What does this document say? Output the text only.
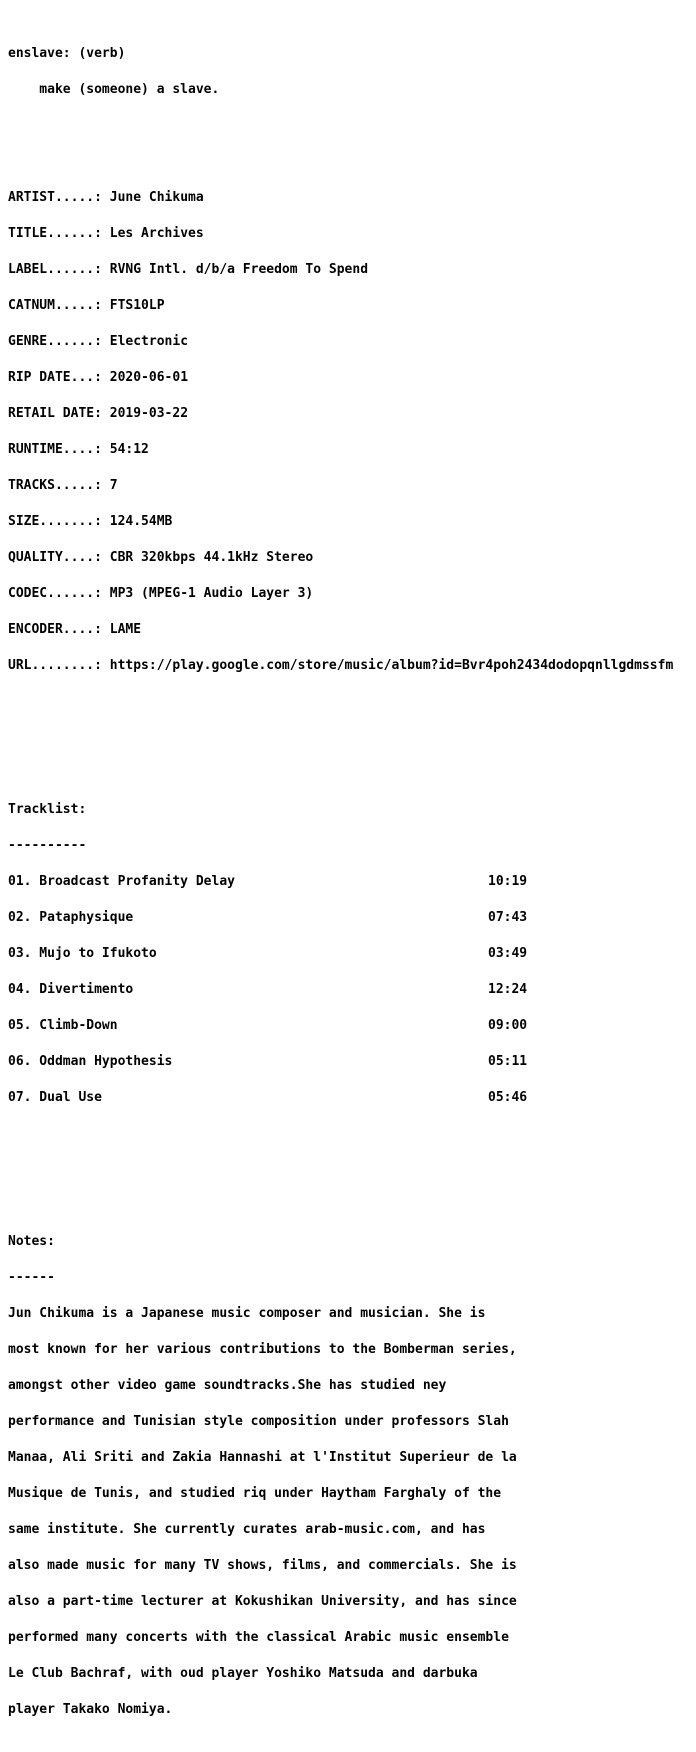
enslave: (verb)

make (someone) a slave.

ARTIST.....: June Chikuma

TITLE......: Les Archives

LABEL......: RVNG Intl. d/b/a Freedom To Spend

CATNUM.....: FTS10LP

GENRE......: Electronic

RIP DATE...: 2020-06-01

RETAIL DATE: 2019-03-22

RUNTIME....: 54:12

TRACKS.....: 7

SIZE.......: 124.54MB

QUALITY....: CBR 320kbps 44.1kHz Stereo

CODEC......: MP3 (MPEG-1 Audio Layer 3)

ENCODER....: LAME

URL........: https://play.google.com/store/music/album?id=Bvr4poh2434dodopqnllgdmssfm

Tracklist:

----------

01. Broadcast Profanity Delay	10:19

02. Pataphysique	07:43

03. Mujo to Ifukoto	03:49

04. Divertimento	12:24

05. Climb-Down	09:00

06. Oddman Hypothesis	05:11

07. Dual Use	05:46

Notes:

------

Jun Chikuma is a Japanese music composer and musician. She is

most known for her various contributions to the Bomberman series,

amongst other video game soundtracks.She has studied ney

performance and Tunisian style composition under professors Slah

Manaa, Ali Sriti and Zakia Hannashi at l'Institut Superieur de la

Musique de Tunis, and studied riq under Haytham Farghaly of the

same institute. She currently curates arab-music.com, and has

also made music for many TV shows, films, and commercials. She is

also a part-time lecturer at Kokushikan University, and has since

performed many concerts with the classical Arabic music ensemble

Le Club Bachraf, with oud player Yoshiko Matsuda and darbuka

player Takako Nomiya.
